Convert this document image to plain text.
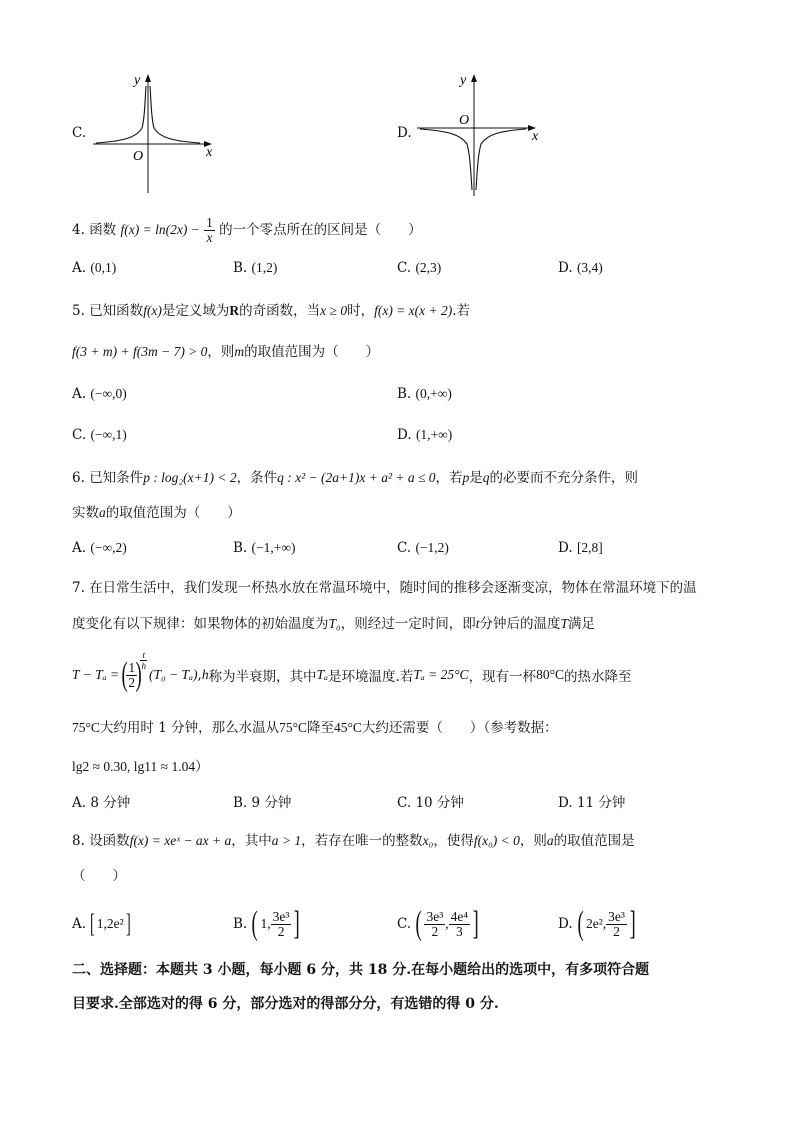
C.
y
x
O
D.
y
x
O
4. 函数 $f(x) = \ln(2x) - \frac{1}{x}$ 的一个零点所在的区间是（　　）
A. (0,1)	B. (1,2)	C. (2,3)	D. (3,4)
5. 已知函数f(x)是定义域为R的奇函数，当x ≥ 0时，f(x) = x(x + 2).若
f(3 + m) + f(3m − 7) > 0，则m的取值范围为（　　）
A. (−∞,0)	B. (0,+∞)
C. (−∞,1)	D. (1,+∞)
6. 已知条件p : log₂(x+1) < 2，条件q : x² − (2a+1)x + a² + a ≤ 0，若p是q的必要而不充分条件，则
实数a的取值范围为（　　）
A. (−∞,2)	B. (−1,+∞)	C. (−1,2)	D. [2,8]
7. 在日常生活中，我们发现一杯热水放在常温环境中，随时间的推移会逐渐变凉，物体在常温环境下的温
度变化有以下规律：如果物体的初始温度为T₀，则经过一定时间，即t分钟后的温度T满足
T − Tₐ = (
$\frac{1}{2}$
)
$\frac{t}{h}$
(T₀ − Tₐ) , h 称为半衰期，其中 Tₐ 是环境温度.若 Tₐ = 25°C ，现有一杯 80°C 的热水降至
75°C大约用时 1 分钟，那么水温从75°C降至45°C大约还需要（　　）（参考数据：
lg2 ≈ 0.30, lg11 ≈ 1.04）
A. 8 分钟	B. 9 分钟	C. 10 分钟	D. 11 分钟
8. 设函数f(x) = xeˣ − ax + a，其中a > 1，若存在唯一的整数x₀，使得f(x₀) < 0，则a的取值范围是
（　　）
A. [ 1,2e² ]	B. ( 1, $\frac{\text{3e³}}{2}$ ]	C. ( $\frac{\text{3e³}}{2}$ , $\frac{\text{4e⁴}}{3}$ ]	D. ( 2e², $\frac{\text{3e³}}{2}$ ]
二、选择题：本题共 3 小题，每小题 6 分，共 18 分.在每小题给出的选项中，有多项符合题
目要求.全部选对的得 6 分，部分选对的得部分分，有选错的得 0 分.
